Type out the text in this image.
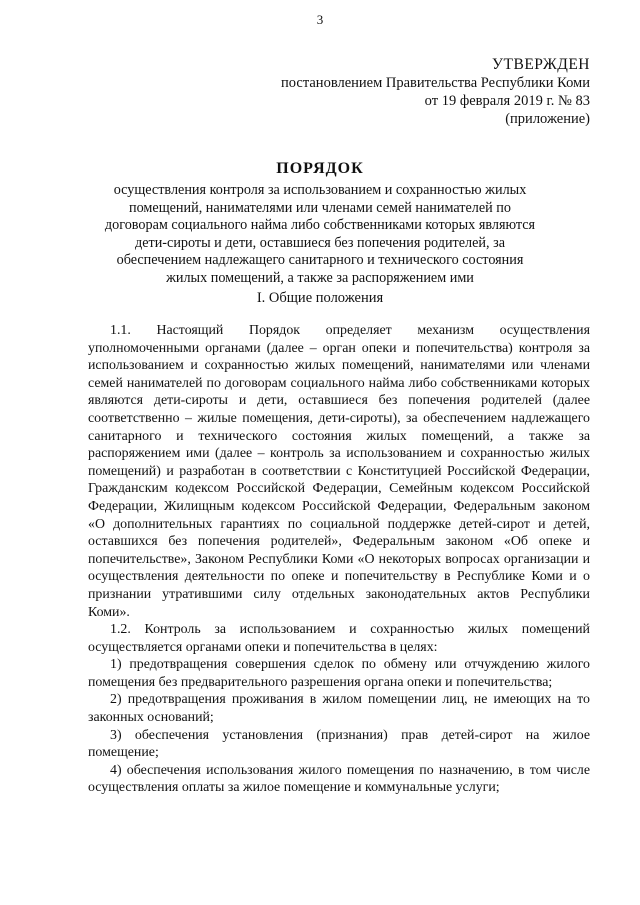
3
УТВЕРЖДЕН
постановлением Правительства Республики Коми
от 19 февраля 2019 г. № 83
(приложение)
ПОРЯДОК
осуществления контроля за использованием и сохранностью жилых помещений, нанимателями или членами семей нанимателей по договорам социального найма либо собственниками которых являются дети-сироты и дети, оставшиеся без попечения родителей, за обеспечением надлежащего санитарного и технического состояния жилых помещений, а также за распоряжением ими
I. Общие положения

1.1. Настоящий Порядок определяет механизм осуществления уполномоченными органами (далее – орган опеки и попечительства) контроля за использованием и сохранностью жилых помещений, нанимателями или членами семей нанимателей по договорам социального найма либо собственниками которых являются дети-сироты и дети, оставшиеся без попечения родителей (далее соответственно – жилые помещения, дети-сироты), за обеспечением надлежащего санитарного и технического состояния жилых помещений, а также за распоряжением ими (далее – контроль за использованием и сохранностью жилых помещений) и разработан в соответствии с Конституцией Российской Федерации, Гражданским кодексом Российской Федерации, Семейным кодексом Российской Федерации, Жилищным кодексом Российской Федерации, Федеральным законом «О дополнительных гарантиях по социальной поддержке детей-сирот и детей, оставшихся без попечения родителей», Федеральным законом «Об опеке и попечительстве», Законом Республики Коми «О некоторых вопросах организации и осуществления деятельности по опеке и попечительству в Республике Коми и о признании утратившими силу отдельных законодательных актов Республики Коми».

1.2. Контроль за использованием и сохранностью жилых помещений осуществляется органами опеки и попечительства в целях:

1) предотвращения совершения сделок по обмену или отчуждению жилого помещения без предварительного разрешения органа опеки и попечительства;

2) предотвращения проживания в жилом помещении лиц, не имеющих на то законных оснований;

3) обеспечения установления (признания) прав детей-сирот на жилое помещение;

4) обеспечения использования жилого помещения по назначению, в том числе осуществления оплаты за жилое помещение и коммунальные услуги;
